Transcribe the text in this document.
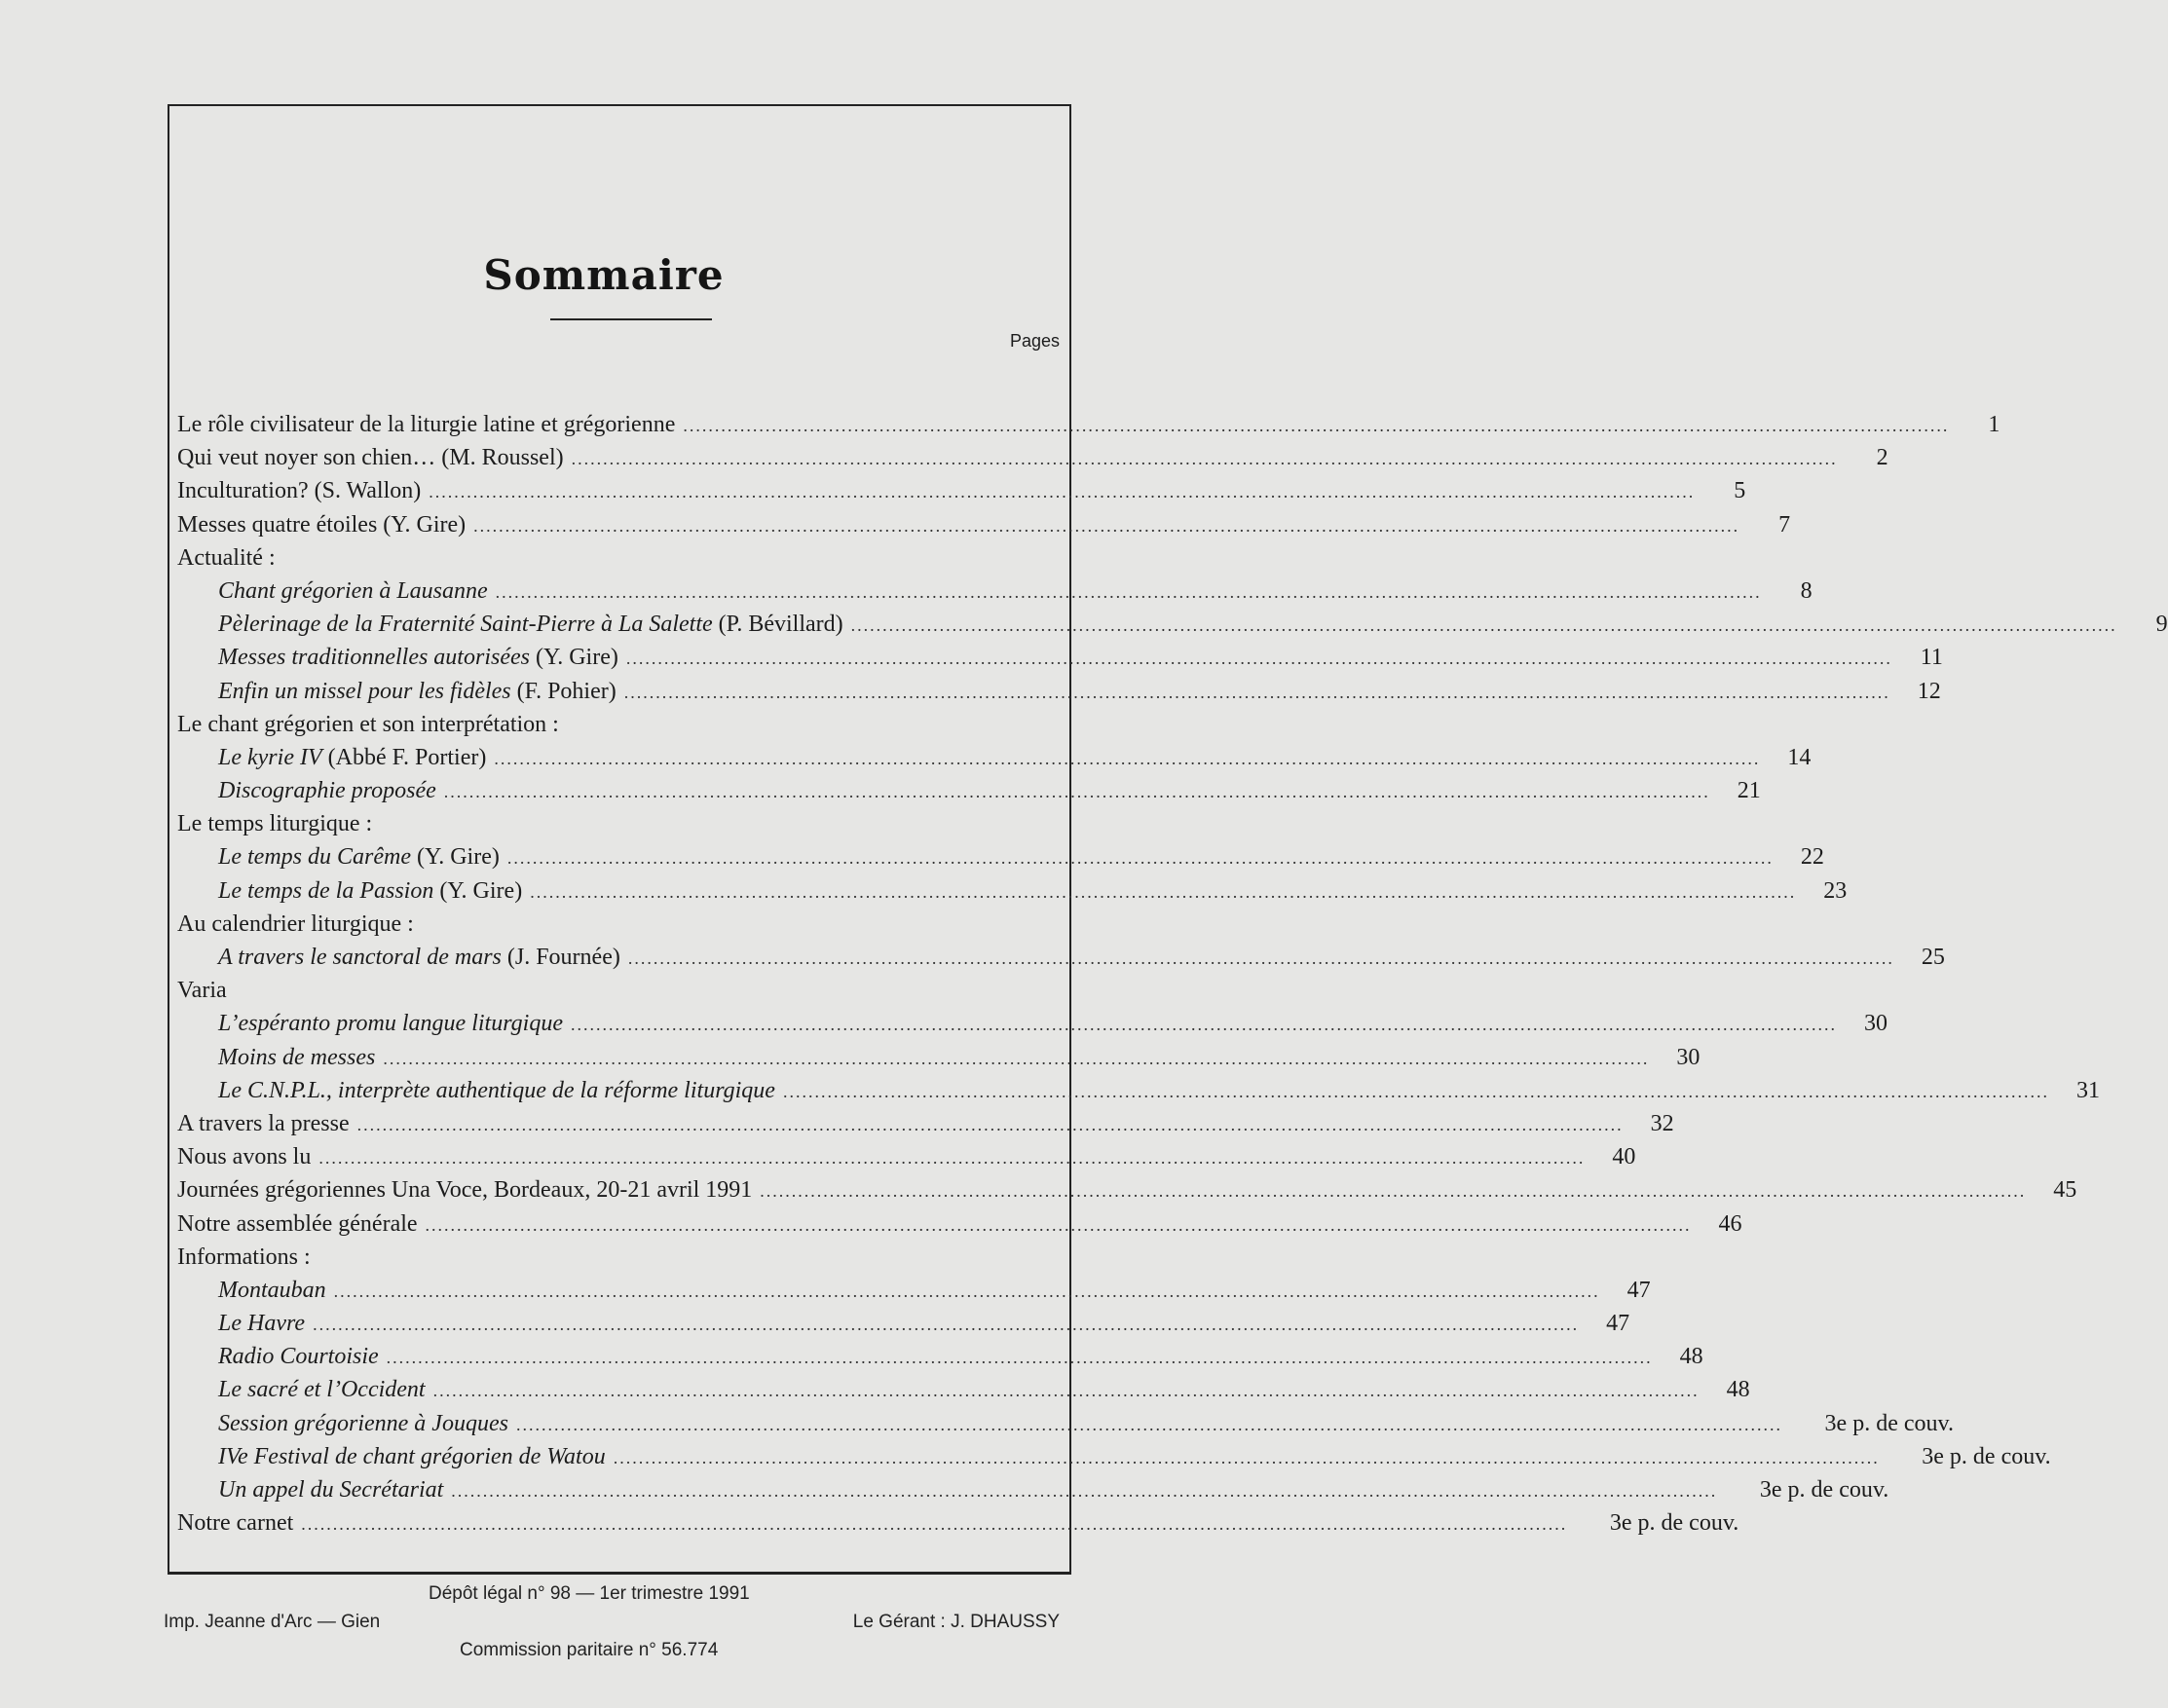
Sommaire
Pages
Le rôle civilisateur de la liturgie latine et grégorienne ........................................................................................................................................................................................................	1
Qui veut noyer son chien… (M. Roussel) ........................................................................................................................................................................................................	2
Inculturation? (S. Wallon) ........................................................................................................................................................................................................	5
Messes quatre étoiles (Y. Gire) ........................................................................................................................................................................................................	7
Actualité :
Chant grégorien à Lausanne ........................................................................................................................................................................................................	8
Pèlerinage de la Fraternité Saint-Pierre à La Salette (P. Bévillard) ........................................................................................................................................................................................................	9
Messes traditionnelles autorisées (Y. Gire) ........................................................................................................................................................................................................	11
Enfin un missel pour les fidèles (F. Pohier) ........................................................................................................................................................................................................	12
Le chant grégorien et son interprétation :
Le kyrie IV (Abbé F. Portier) ........................................................................................................................................................................................................	14
Discographie proposée ........................................................................................................................................................................................................	21
Le temps liturgique :
Le temps du Carême (Y. Gire) ........................................................................................................................................................................................................	22
Le temps de la Passion (Y. Gire) ........................................................................................................................................................................................................	23
Au calendrier liturgique :
A travers le sanctoral de mars (J. Fournée) ........................................................................................................................................................................................................	25
Varia
L’espéranto promu langue liturgique ........................................................................................................................................................................................................	30
Moins de messes ........................................................................................................................................................................................................	30
Le C.N.P.L., interprète authentique de la réforme liturgique ........................................................................................................................................................................................................	31
A travers la presse ........................................................................................................................................................................................................	32
Nous avons lu ........................................................................................................................................................................................................	40
Journées grégoriennes Una Voce, Bordeaux, 20-21 avril 1991 ........................................................................................................................................................................................................	45
Notre assemblée générale ........................................................................................................................................................................................................	46
Informations :
Montauban ........................................................................................................................................................................................................	47
Le Havre ........................................................................................................................................................................................................	47
Radio Courtoisie ........................................................................................................................................................................................................	48
Le sacré et l’Occident ........................................................................................................................................................................................................	48
Session grégorienne à Jouques ........................................................................................................................................................................................................	3e p. de couv.
IVe Festival de chant grégorien de Watou ........................................................................................................................................................................................................	3e p. de couv.
Un appel du Secrétariat ........................................................................................................................................................................................................	3e p. de couv.
Notre carnet ........................................................................................................................................................................................................	3e p. de couv.
Dépôt légal n° 98 — 1er trimestre 1991
Imp. Jeanne d'Arc — Gien	Le Gérant : J. DHAUSSY
Commission paritaire n° 56.774
